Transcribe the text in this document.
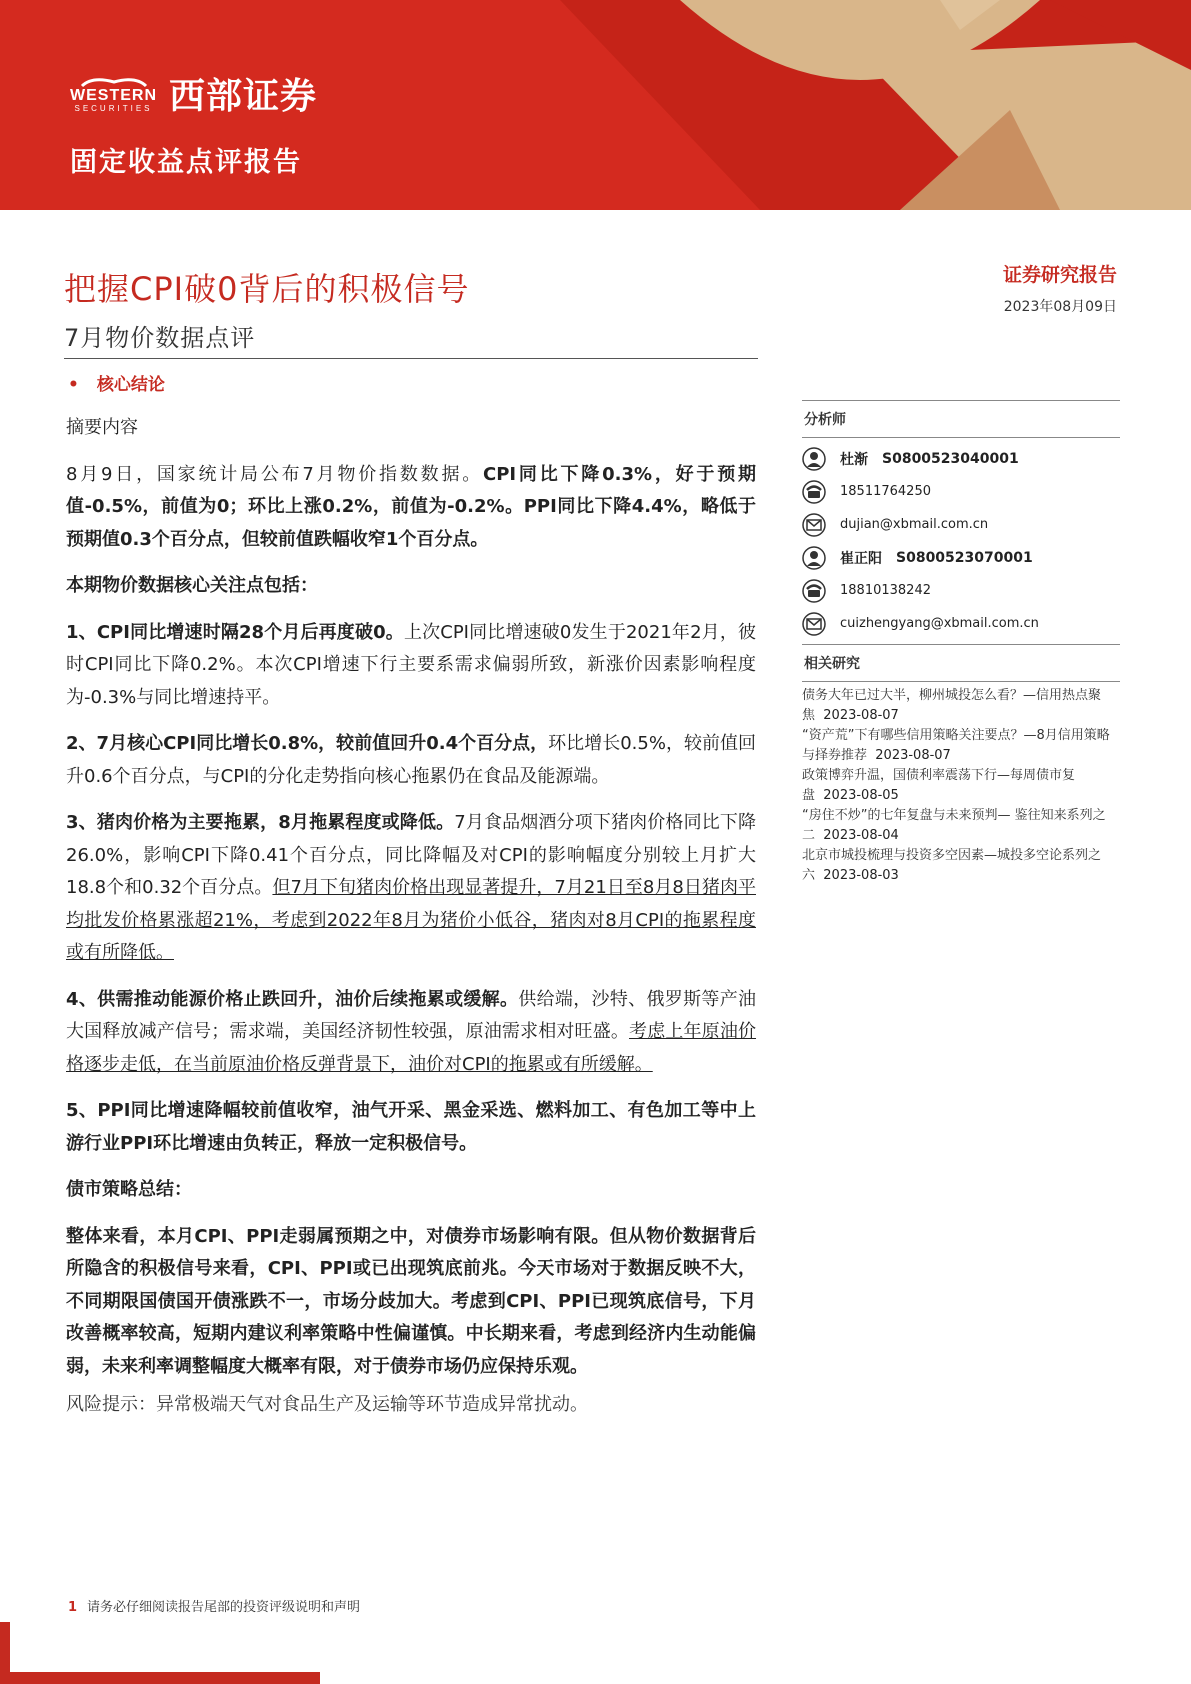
WESTERN
SECURITIES 西部证券
固定收益点评报告
把握CPI破0背后的积极信号
7月物价数据点评
• 核心结论
证券研究报告
2023年08月09日

摘要内容

8月9日，国家统计局公布7月物价指数数据。CPI同比下降0.3%，好于预期值-0.5%，前值为0；环比上涨0.2%，前值为-0.2%。PPI同比下降4.4%，略低于预期值0.3个百分点，但较前值跌幅收窄1个百分点。

本期物价数据核心关注点包括：

1、CPI同比增速时隔28个月后再度破0。上次CPI同比增速破0发生于2021年2月，彼时CPI同比下降0.2%。本次CPI增速下行主要系需求偏弱所致，新涨价因素影响程度为-0.3%与同比增速持平。

2、7月核心CPI同比增长0.8%，较前值回升0.4个百分点，环比增长0.5%，较前值回升0.6个百分点，与CPI的分化走势指向核心拖累仍在食品及能源端。

3、猪肉价格为主要拖累，8月拖累程度或降低。7月食品烟酒分项下猪肉价格同比下降26.0%，影响CPI下降0.41个百分点，同比降幅及对CPI的影响幅度分别较上月扩大18.8个和0.32个百分点。但7月下旬猪肉价格出现显著提升，7月21日至8月8日猪肉平均批发价格累涨超21%，考虑到2022年8月为猪价小低谷，猪肉对8月CPI的拖累程度或有所降低。

4、供需推动能源价格止跌回升，油价后续拖累或缓解。供给端，沙特、俄罗斯等产油大国释放减产信号；需求端，美国经济韧性较强，原油需求相对旺盛。考虑上年原油价格逐步走低，在当前原油价格反弹背景下，油价对CPI的拖累或有所缓解。

5、PPI同比增速降幅较前值收窄，油气开采、黑金采选、燃料加工、有色加工等中上游行业PPI环比增速由负转正，释放一定积极信号。

债市策略总结：

整体来看，本月CPI、PPI走弱属预期之中，对债券市场影响有限。但从物价数据背后所隐含的积极信号来看，CPI、PPI或已出现筑底前兆。今天市场对于数据反映不大，不同期限国债国开债涨跌不一，市场分歧加大。考虑到CPI、PPI已现筑底信号，下月改善概率较高，短期内建议利率策略中性偏谨慎。中长期来看，考虑到经济内生动能偏弱，未来利率调整幅度大概率有限，对于债券市场仍应保持乐观。

风险提示：异常极端天气对食品生产及运输等环节造成异常扰动。

分析师
杜渐 S0800523040001
18511764250
dujian@xbmail.com.cn
崔正阳 S0800523070001
18810138242
cuizhengyang@xbmail.com.cn
相关研究

债务大年已过大半，柳州城投怎么看？—信用热点聚焦 2023-08-07

“资产荒”下有哪些信用策略关注要点？—8月信用策略与择券推荐 2023-08-07

政策博弈升温，国债利率震荡下行—每周债市复盘 2023-08-05

“房住不炒”的七年复盘与未来预判— 鉴往知来系列之二 2023-08-04

北京市城投梳理与投资多空因素—城投多空论系列之六 2023-08-03

1 请务必仔细阅读报告尾部的投资评级说明和声明
